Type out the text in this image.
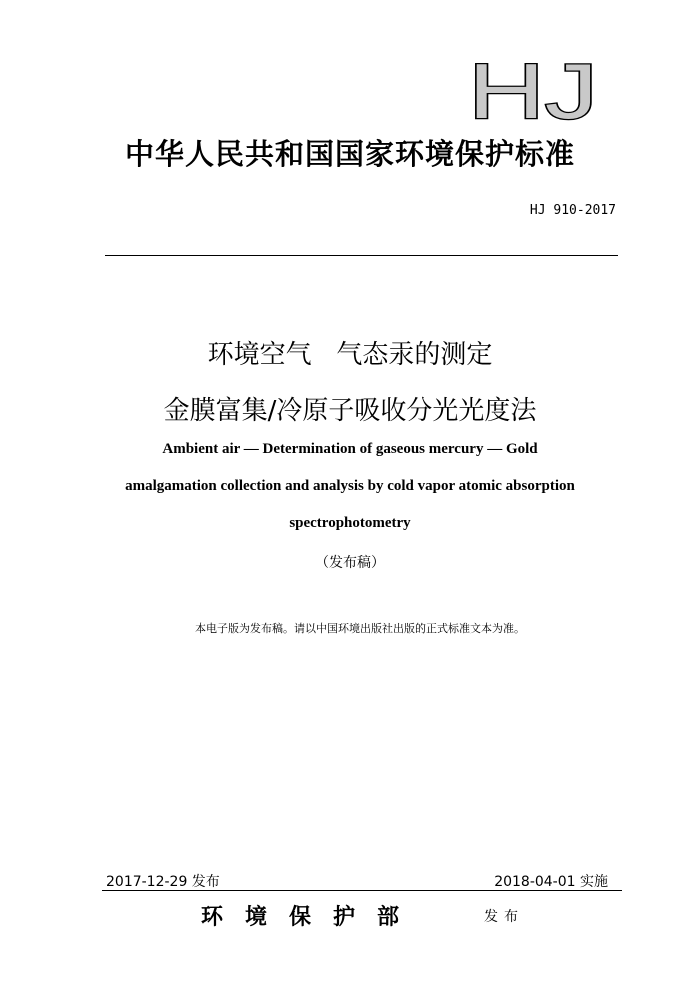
HJ
中华人民共和国国家环境保护标准
HJ 910-2017
环境空气   气态汞的测定
金膜富集/冷原子吸收分光光度法
Ambient air — Determination of gaseous mercury — Gold
amalgamation collection and analysis by cold vapor atomic absorption
spectrophotometry
（发布稿）
本电子版为发布稿。请以中国环境出版社出版的正式标准文本为准。
2017-12-29 发布	2018-04-01 实施
环境保护部	发布
